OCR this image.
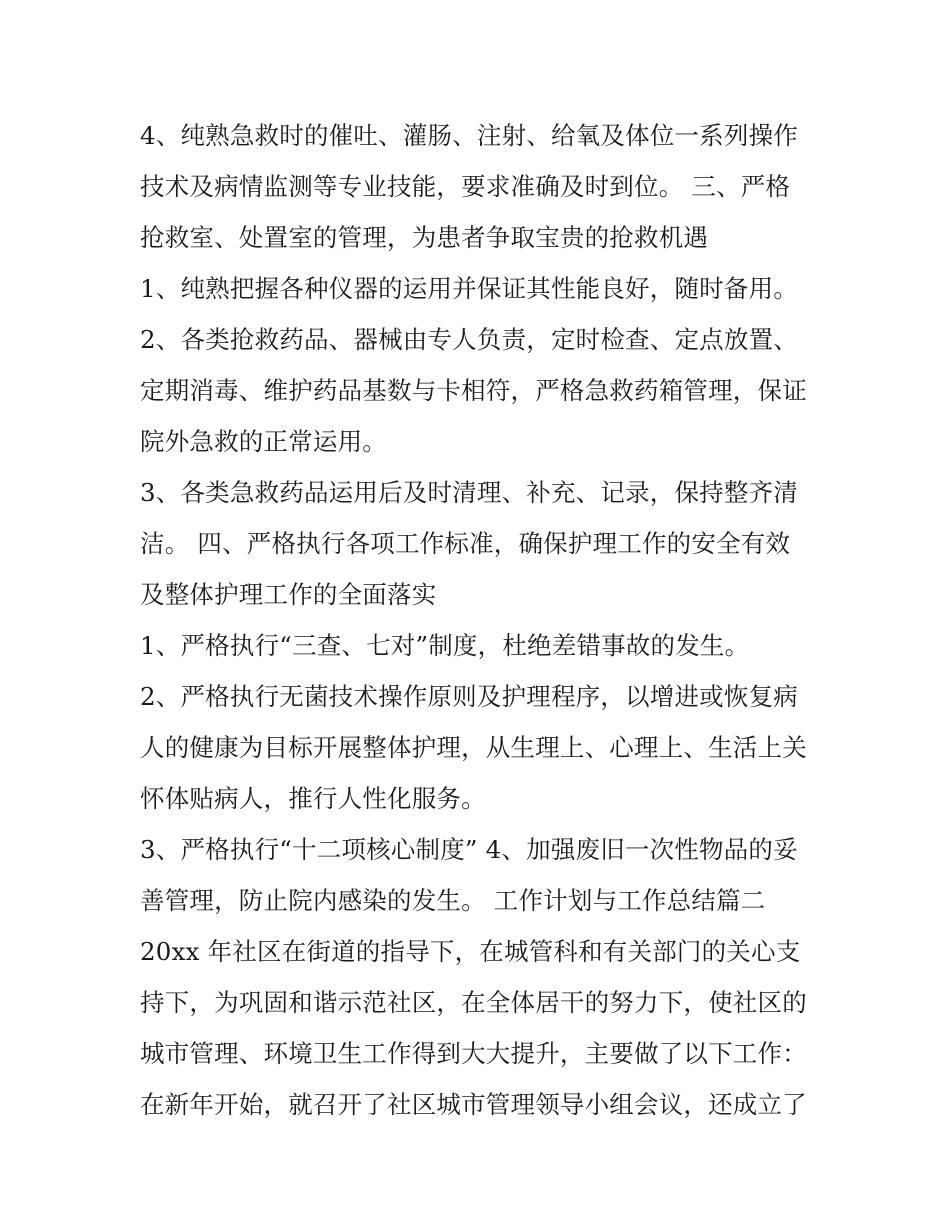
4、纯熟急救时的催吐、灌肠、注射、给氧及体位一系列操作
技术及病情监测等专业技能，要求准确及时到位。 三、严格
抢救室、处置室的管理，为患者争取宝贵的抢救机遇
1、纯熟把握各种仪器的运用并保证其性能良好，随时备用。
2、各类抢救药品、器械由专人负责，定时检查、定点放置、
定期消毒、维护药品基数与卡相符，严格急救药箱管理，保证
院外急救的正常运用。
3、各类急救药品运用后及时清理、补充、记录，保持整齐清
洁。 四、严格执行各项工作标准，确保护理工作的安全有效
及整体护理工作的全面落实
1、严格执行“三查、七对”制度，杜绝差错事故的发生。
2、严格执行无菌技术操作原则及护理程序，以增进或恢复病
人的健康为目标开展整体护理，从生理上、心理上、生活上关
怀体贴病人，推行人性化服务。
3、严格执行“十二项核心制度” 4、加强废旧一次性物品的妥
善管理，防止院内感染的发生。 工作计划与工作总结篇二
20xx 年社区在街道的指导下，在城管科和有关部门的关心支
持下，为巩固和谐示范社区，在全体居干的努力下，使社区的
城市管理、环境卫生工作得到大大提升，主要做了以下工作：
在新年开始，就召开了社区城市管理领导小组会议，还成立了
